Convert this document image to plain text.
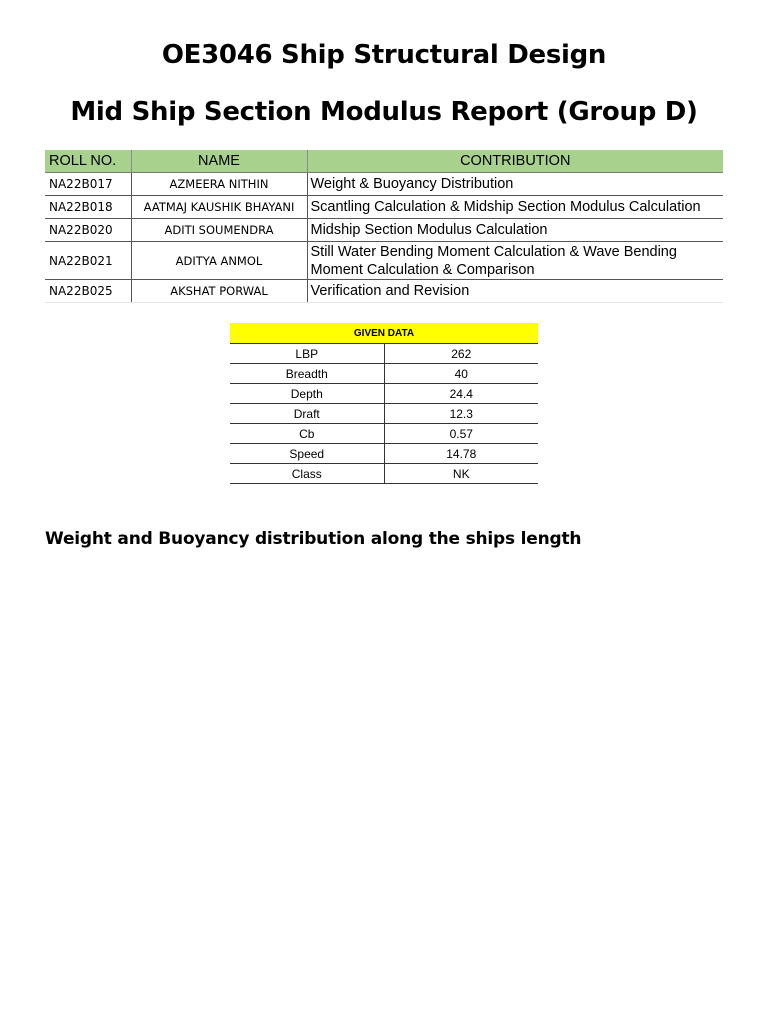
OE3046 Ship Structural Design
Mid Ship Section Modulus Report (Group D)
ROLL NO.	NAME	CONTRIBUTION
NA22B017	AZMEERA NITHIN	Weight & Buoyancy Distribution
NA22B018	AATMAJ KAUSHIK BHAYANI	Scantling Calculation & Midship Section Modulus Calculation
NA22B020	ADITI SOUMENDRA	Midship Section Modulus Calculation
NA22B021	ADITYA ANMOL	Still Water Bending Moment Calculation & Wave Bending Moment Calculation & Comparison
NA22B025	AKSHAT PORWAL	Verification and Revision
GIVEN DATA	
LBP	262
Breadth	40
Depth	24.4
Draft	12.3
Cb	0.57
Speed	14.78
Class	NK
Weight and Buoyancy distribution along the ships length
